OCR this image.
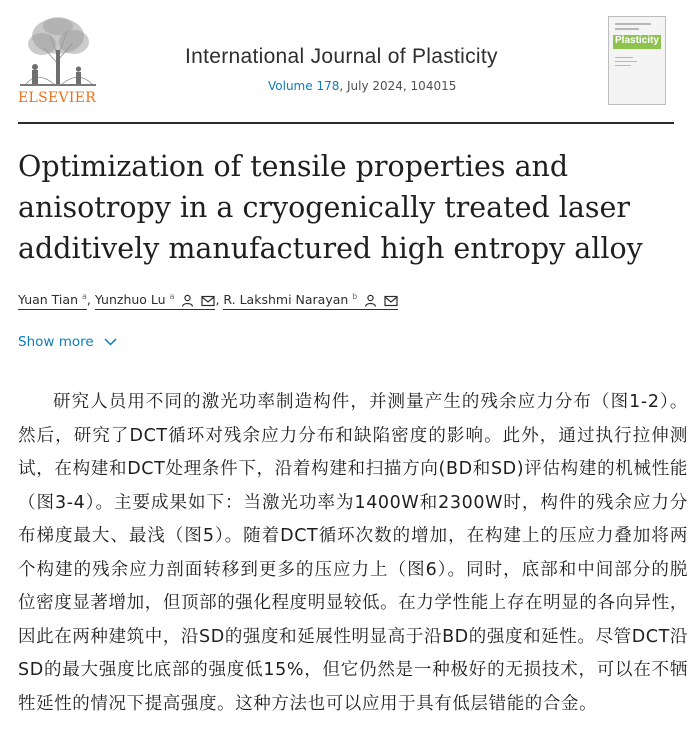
ELSEVIER
International Journal of Plasticity
Volume 178, July 2024, 104015
Plasticity
Optimization of tensile properties and anisotropy in a cryogenically treated laser additively manufactured high entropy alloy
Yuan Tian $^a$, Yunzhuo Lu $^a$	, R. Lakshmi Narayan $^b$
Show more

研究人员用不同的激光功率制造构件，并测量产生的残余应力分布（图1-2）。然后，研究了DCT循环对残余应力分布和缺陷密度的影响。此外，通过执行拉伸测试，在构建和DCT处理条件下，沿着构建和扫描方向(BD和SD)评估构建的机械性能（图3-4）。主要成果如下：当激光功率为1400W和2300W时，构件的残余应力分布梯度最大、最浅（图5）。随着DCT循环次数的增加，在构建上的压应力叠加将两个构建的残余应力剖面转移到更多的压应力上（图6）。同时，底部和中间部分的脱位密度显著增加，但顶部的强化程度明显较低。在力学性能上存在明显的各向异性，因此在两种建筑中，沿SD的强度和延展性明显高于沿BD的强度和延性。尽管DCT沿SD的最大强度比底部的强度低15%，但它仍然是一种极好的无损技术，可以在不牺牲延性的情况下提高强度。这种方法也可以应用于具有低层错能的合金。
